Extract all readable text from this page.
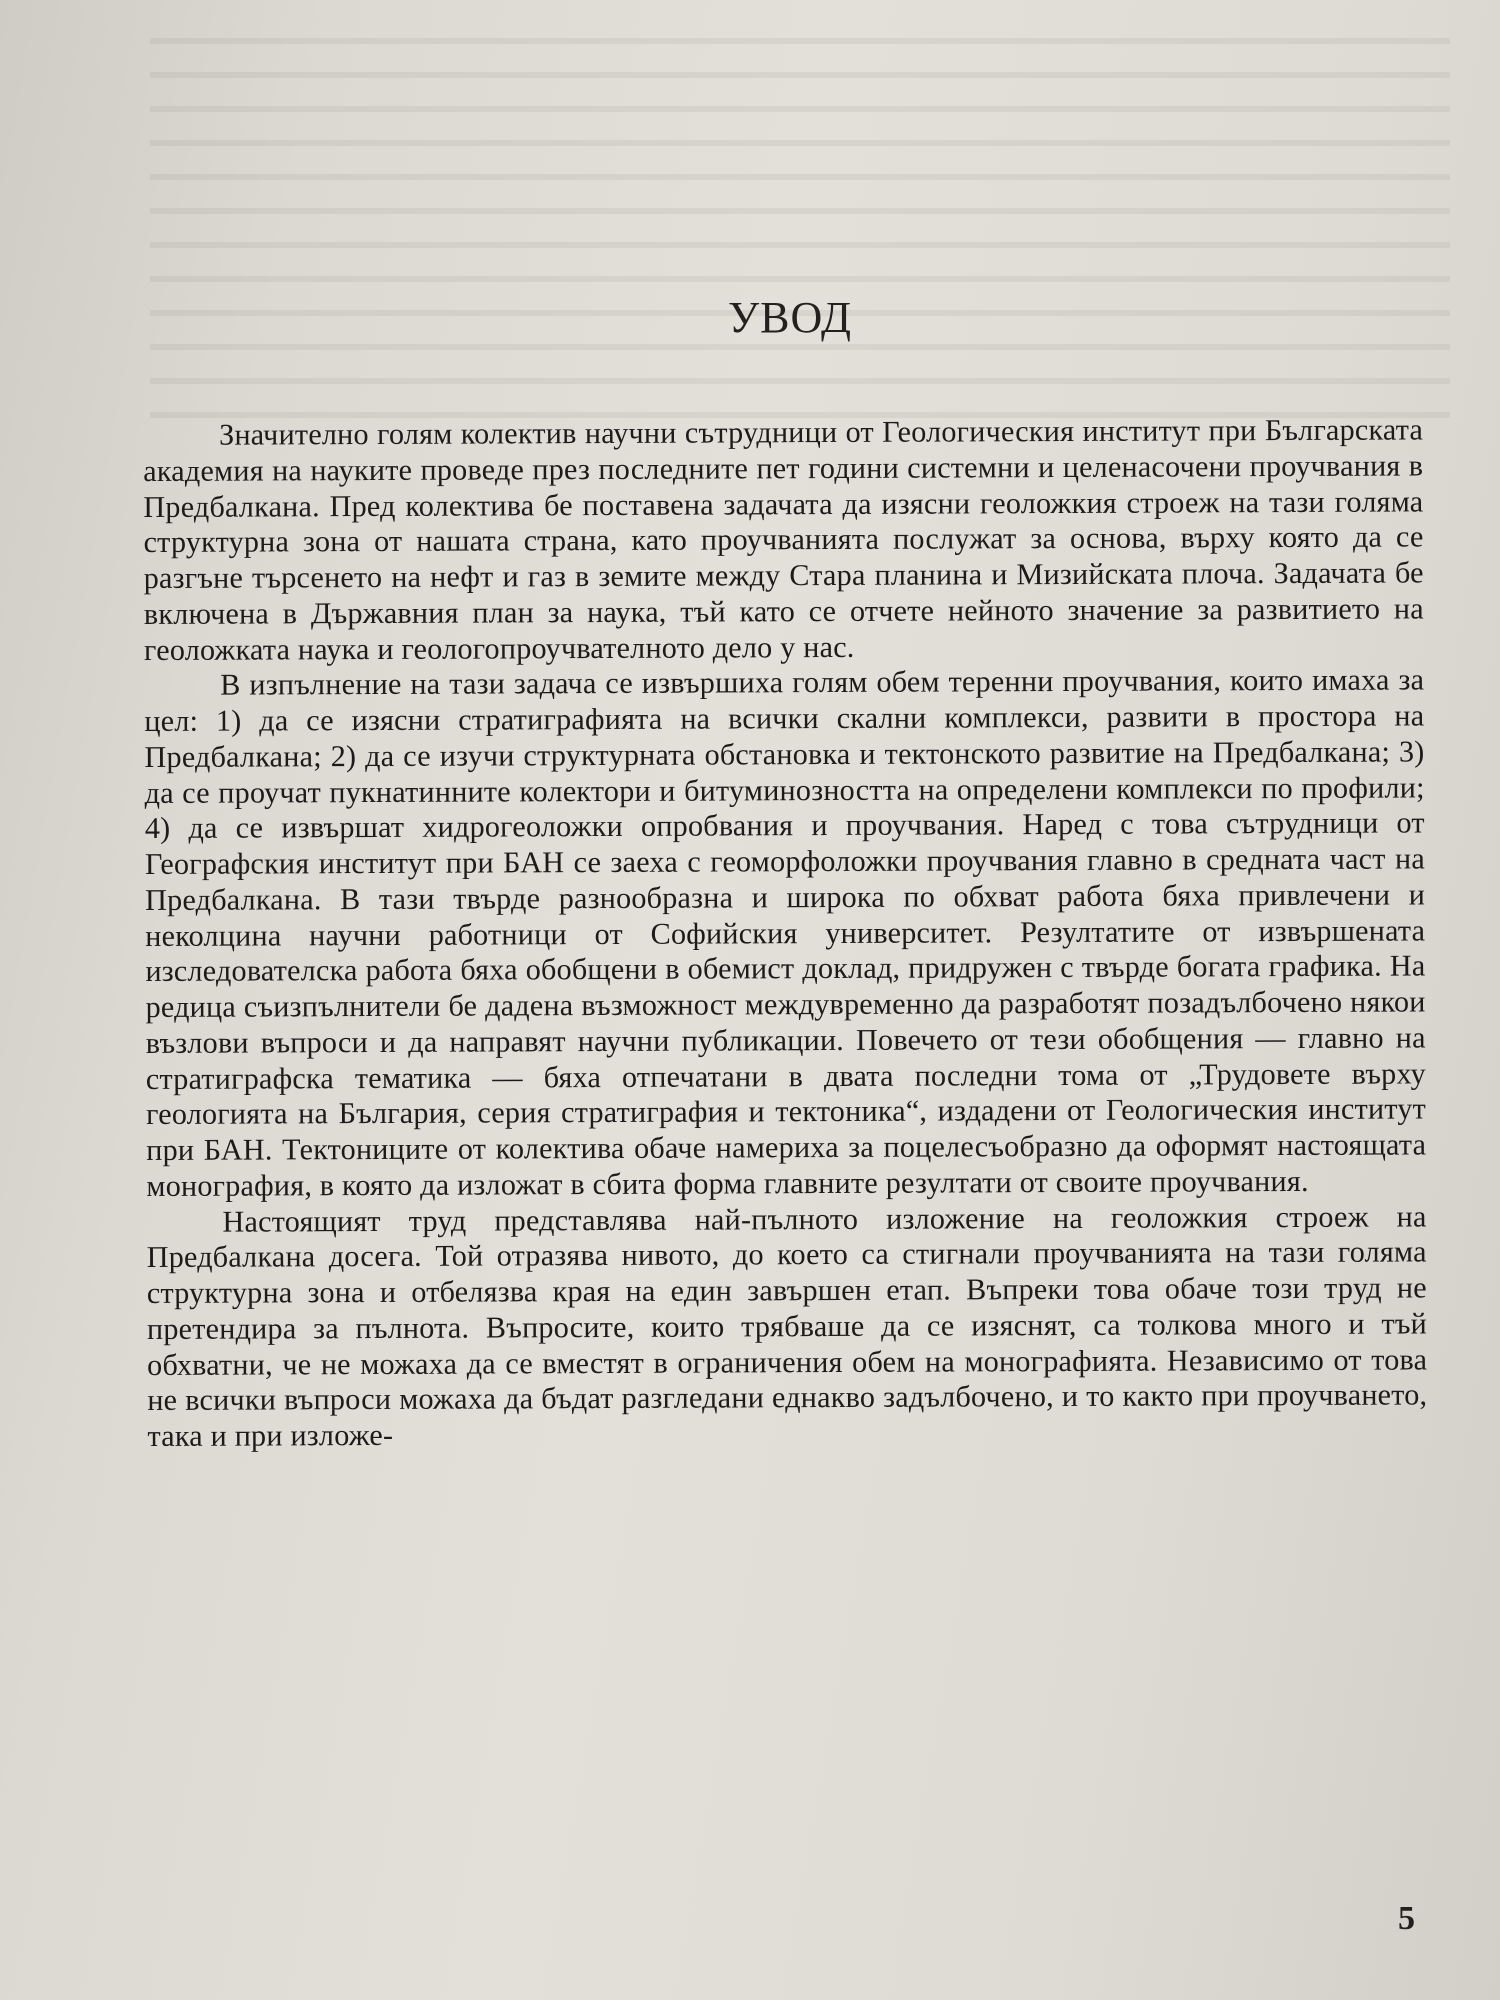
УВОД

Значително голям колектив научни сътрудници от Геологическия институт при Българската академия на науките проведе през последните пет години системни и целенасочени проучвания в Предбалкана. Пред колектива бе поставена задачата да изясни геоложкия строеж на тази голяма структурна зона от нашата страна, като проучванията послужат за основа, върху която да се разгъне търсенето на нефт и газ в земите между Стара планина и Мизийската плоча. Задачата бе включена в Държавния план за наука, тъй като се отчете нейното значение за развитието на геоложката наука и геологопроучвателното дело у нас.

В изпълнение на тази задача се извършиха голям обем теренни проучвания, които имаха за цел: 1) да се изясни стратиграфията на всички скални комплекси, развити в простора на Предбалкана; 2) да се изучи структурната обстановка и тектонското развитие на Предбалкана; 3) да се проучат пукнатинните колектори и битуминозността на определени комплекси по профили; 4) да се извършат хидрогеоложки опробвания и проучвания. Наред с това сътрудници от Географския институт при БАН се заеха с геоморфоложки проучвания главно в средната част на Предбалкана. В тази твърде разнообразна и широка по обхват работа бяха привлечени и неколцина научни работници от Софийския университет. Резултатите от извършената изследователска работа бяха обобщени в обемист доклад, придружен с твърде богата графика. На редица съизпълнители бе дадена възможност междувременно да разработят позадълбочено някои възлови въпроси и да направят научни публикации. Повечето от тези обобщения — главно на стратиграфска тематика — бяха отпечатани в двата последни тома от „Трудовете върху геологията на България, серия стратиграфия и тектоника“, издадени от Геологическия институт при БАН. Тектониците от колектива обаче намериха за поцелесъобразно да оформят настоящата монография, в която да изложат в сбита форма главните резултати от своите проучвания.

Настоящият труд представлява най-пълното изложение на геоложкия строеж на Предбалкана досега. Той отразява нивото, до което са стигнали проучванията на тази голяма структурна зона и отбелязва края на един завършен етап. Въпреки това обаче този труд не претендира за пълнота. Въпросите, които трябваше да се изяснят, са толкова много и тъй обхватни, че не можаха да се вместят в ограничения обем на монографията. Независимо от това не всички въпроси можаха да бъдат разгледани еднакво задълбочено, и то както при проучването, така и при изложе-

5
